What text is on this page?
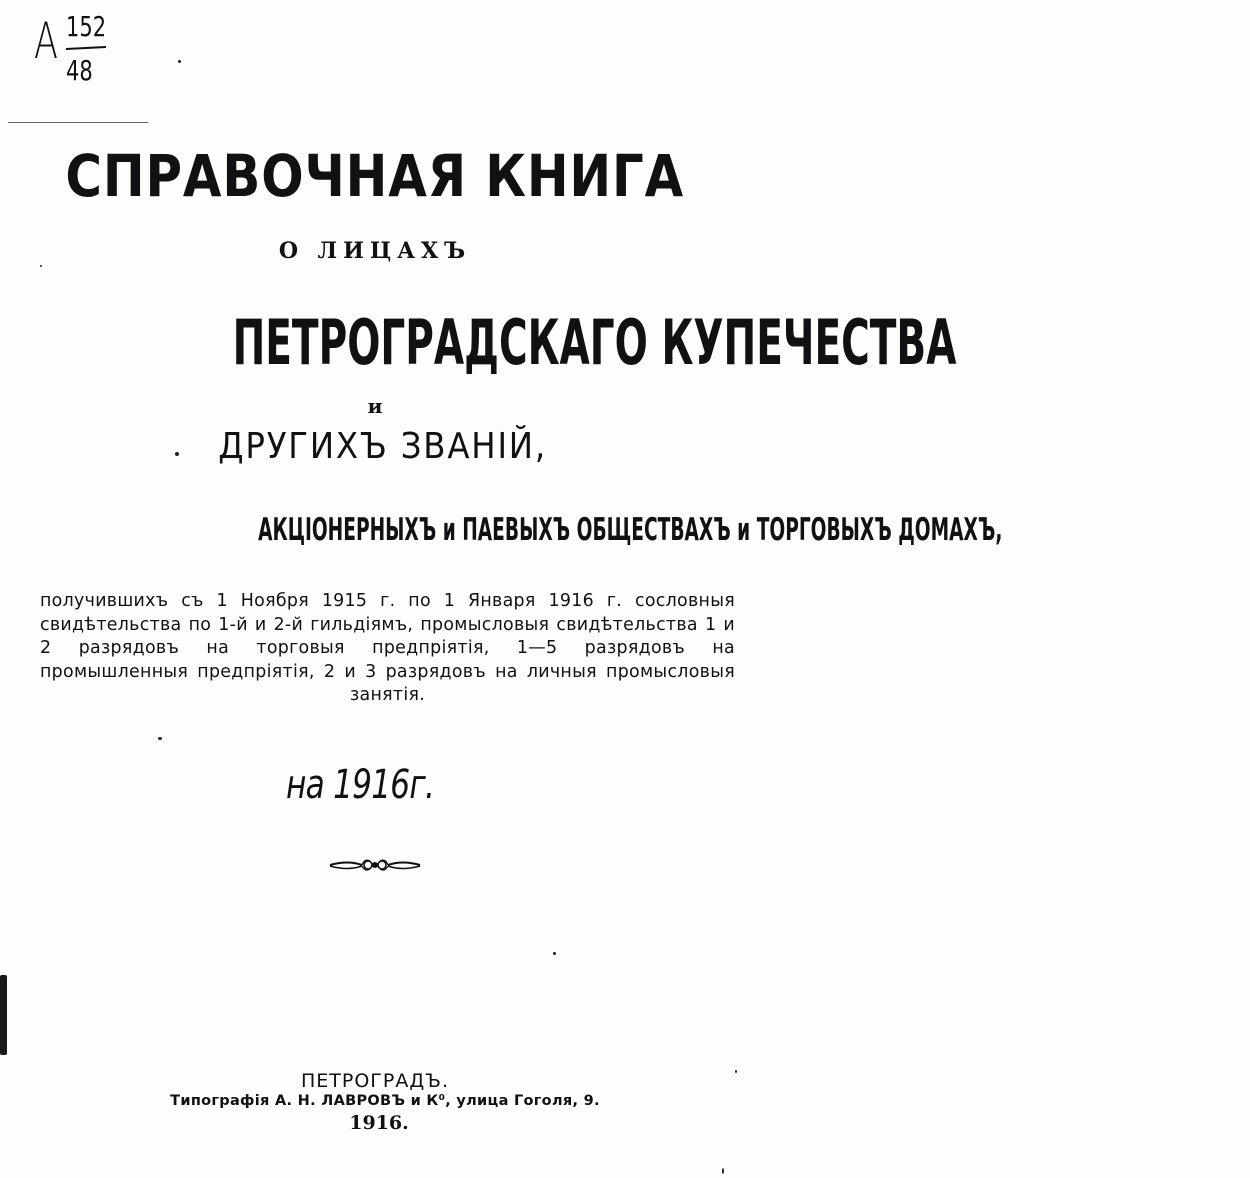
А 152
48
СПРАВОЧНАЯ КНИГА
О ЛИЦАХЪ
ПЕТРОГРАДСКАГО КУПЕЧЕСТВА
и
ДРУГИХЪ ЗВАНІЙ,
АКЦІОНЕРНЫХЪ и ПАЕВЫХЪ ОБЩЕСТВАХЪ и ТОРГОВЫХЪ ДОМАХЪ,
получившихъ съ 1 Ноября 1915 г. по 1 Января 1916 г. сословныя свидѣтельства по 1-й и 2-й гильдіямъ, промысловыя свидѣтельства 1 и 2 разрядовъ на торговыя предпріятія, 1—5 разрядовъ на промышленныя предпріятія, 2 и 3 разрядовъ на личныя промысловыя занятія.
на 1916г.
ПЕТРОГРАДЪ.
Типографія А. Н. ЛАВРОВЪ и К⁰, улица Гоголя, 9.
1916.
